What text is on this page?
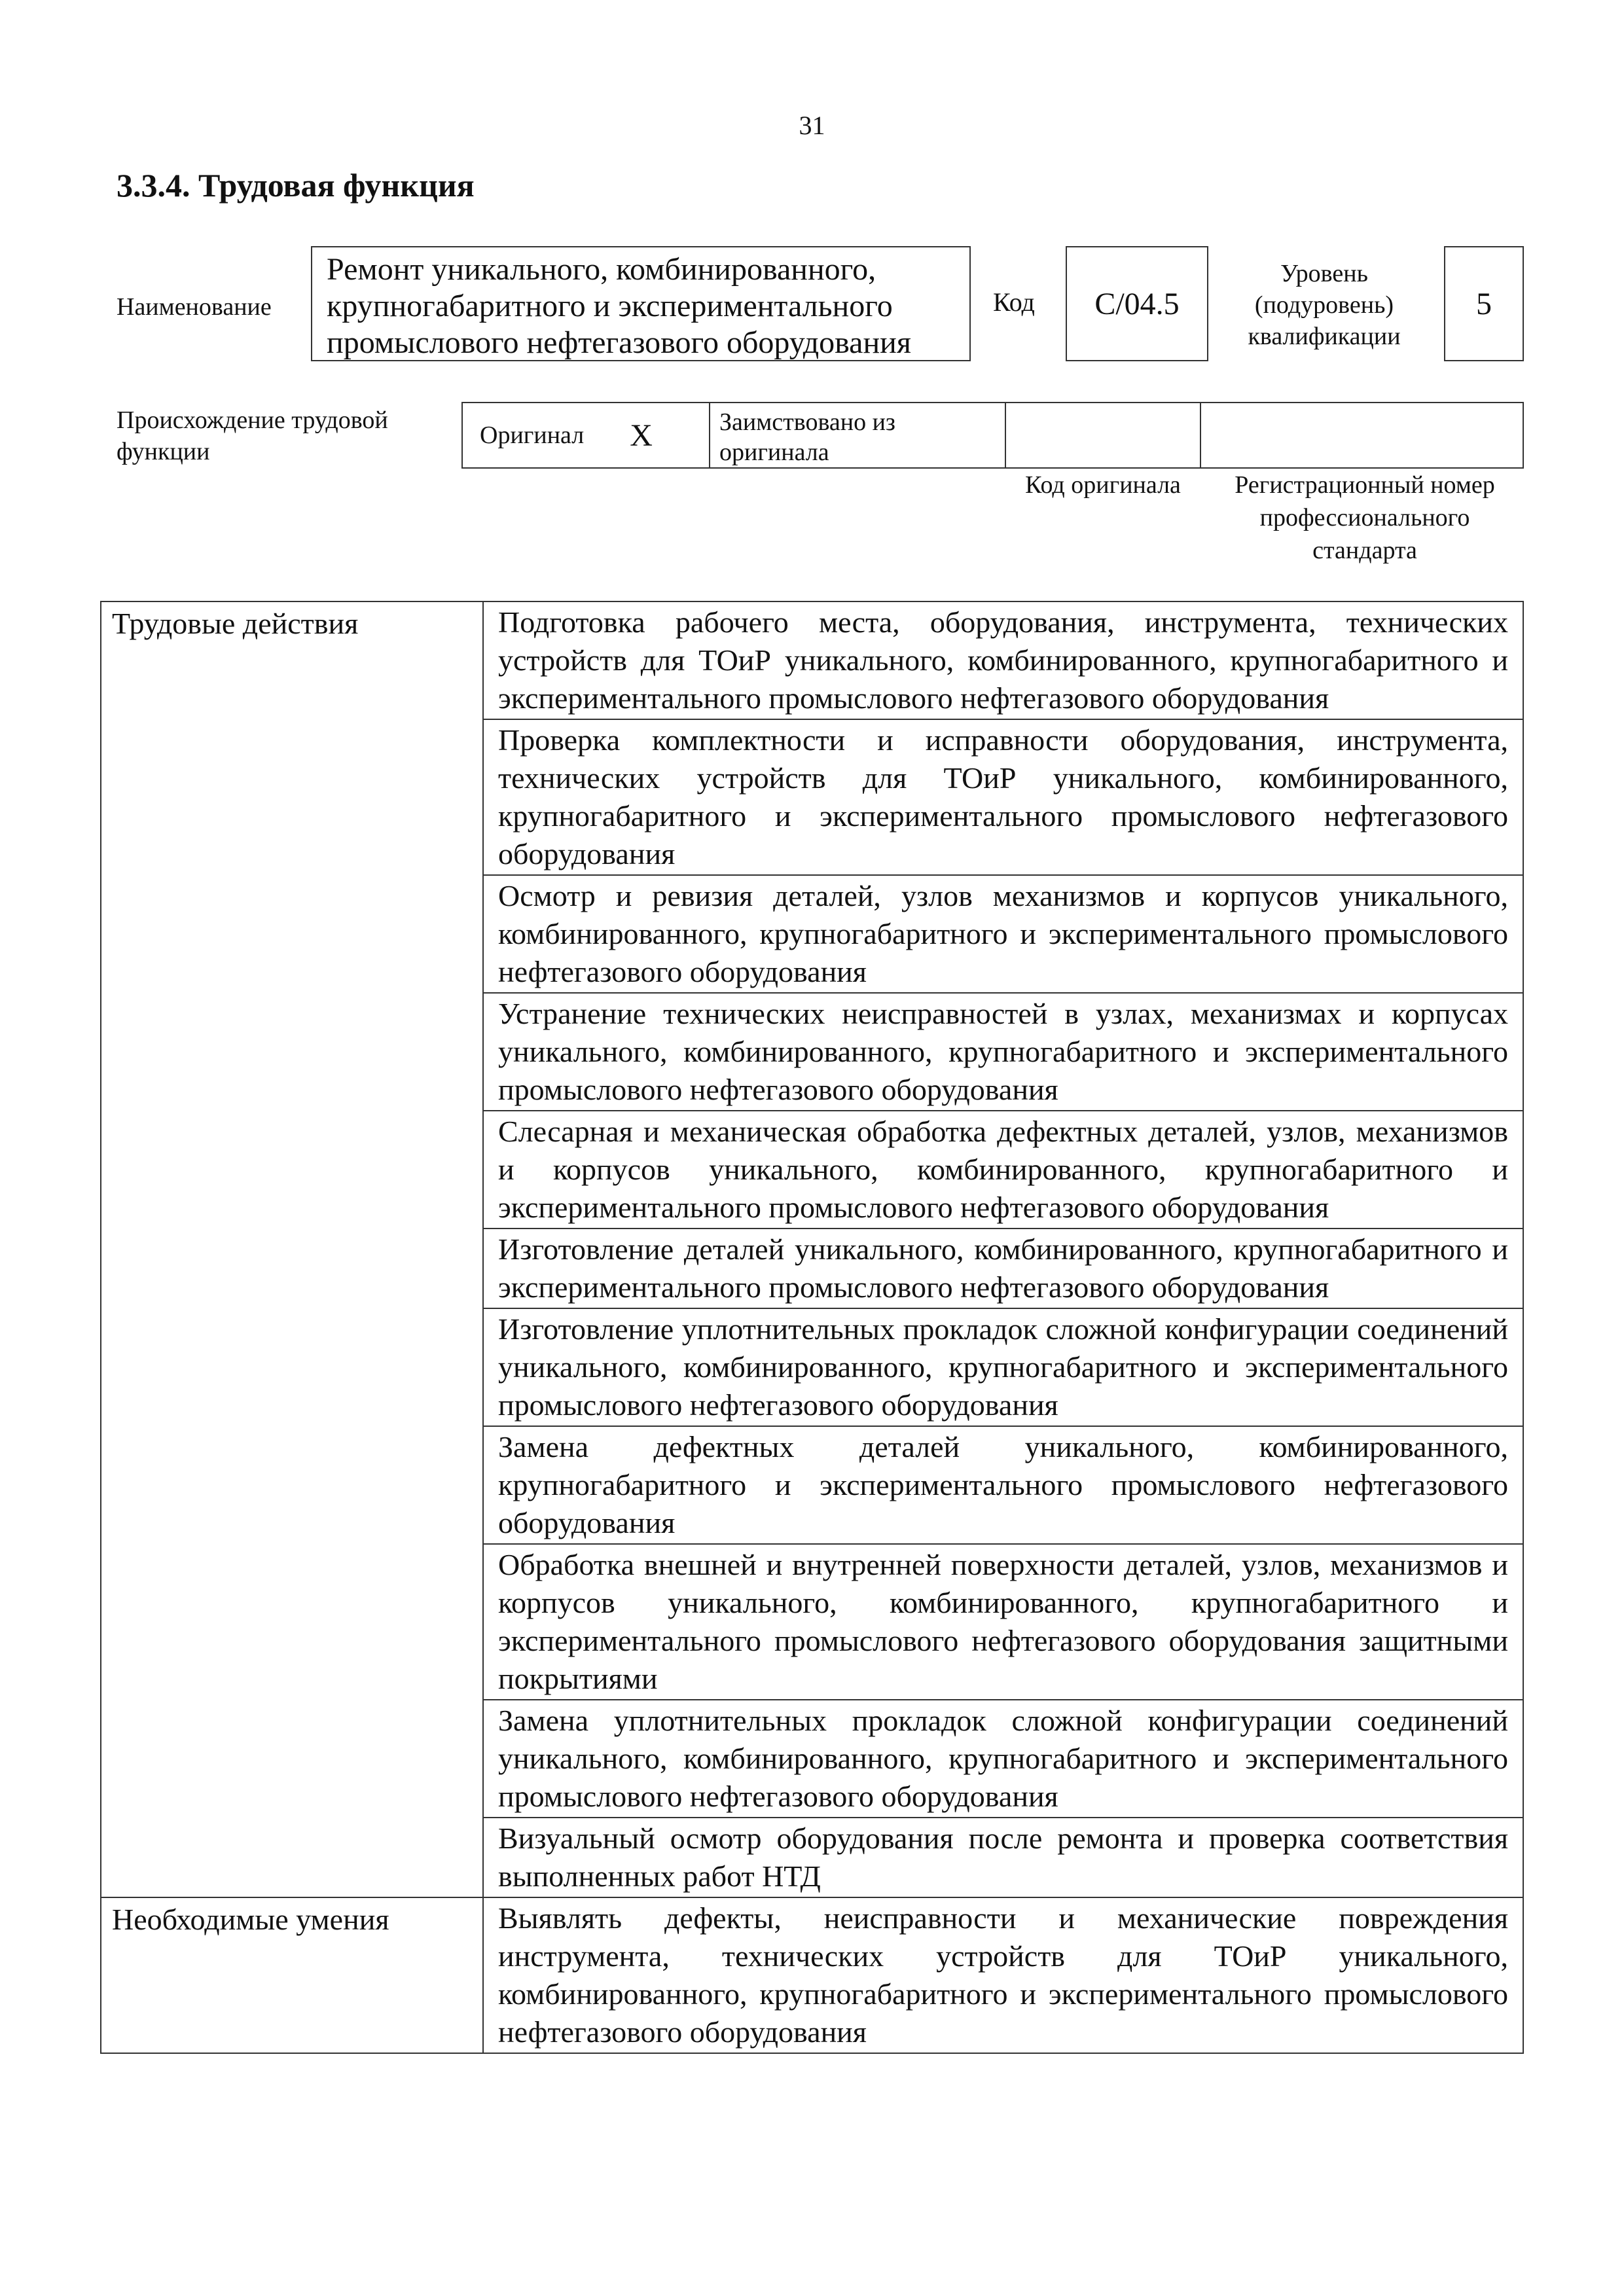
31
3.3.4. Трудовая функция
Наименование
Ремонт уникального, комбинированного, крупногабаритного и экспериментального промыслового нефтегазового оборудования
Код	C/04.5
Уровень (подуровень) квалификации
5
Происхождение трудовой функции
Оригинал X	Заимствовано из оригинала
Код оригинала	Регистрационный номер профессионального стандарта
Трудовые действия	Подготовка рабочего места, оборудования, инструмента, технических устройств для ТОиР уникального, комбинированного, крупногабаритного и экспериментального промыслового нефтегазового оборудования
	Проверка комплектности и исправности оборудования, инструмента, технических устройств для ТОиР уникального, комбинированного, крупногабаритного и экспериментального промыслового нефтегазового оборудования
	Осмотр и ревизия деталей, узлов механизмов и корпусов уникального, комбинированного, крупногабаритного и экспериментального промыслового нефтегазового оборудования
	Устранение технических неисправностей в узлах, механизмах и корпусах уникального, комбинированного, крупногабаритного и экспериментального промыслового нефтегазового оборудования
	Слесарная и механическая обработка дефектных деталей, узлов, механизмов и корпусов уникального, комбинированного, крупногабаритного и экспериментального промыслового нефтегазового оборудования
	Изготовление деталей уникального, комбинированного, крупногабаритного и экспериментального промыслового нефтегазового оборудования
	Изготовление уплотнительных прокладок сложной конфигурации соединений уникального, комбинированного, крупногабаритного и экспериментального промыслового нефтегазового оборудования
	Замена дефектных деталей уникального, комбинированного, крупногабаритного и экспериментального промыслового нефтегазового оборудования
	Обработка внешней и внутренней поверхности деталей, узлов, механизмов и корпусов уникального, комбинированного, крупногабаритного и экспериментального промыслового нефтегазового оборудования защитными покрытиями
	Замена уплотнительных прокладок сложной конфигурации соединений уникального, комбинированного, крупногабаритного и экспериментального промыслового нефтегазового оборудования
	Визуальный осмотр оборудования после ремонта и проверка соответствия выполненных работ НТД
Необходимые умения	Выявлять дефекты, неисправности и механические повреждения инструмента, технических устройств для ТОиР уникального, комбинированного, крупногабаритного и экспериментального промыслового нефтегазового оборудования
